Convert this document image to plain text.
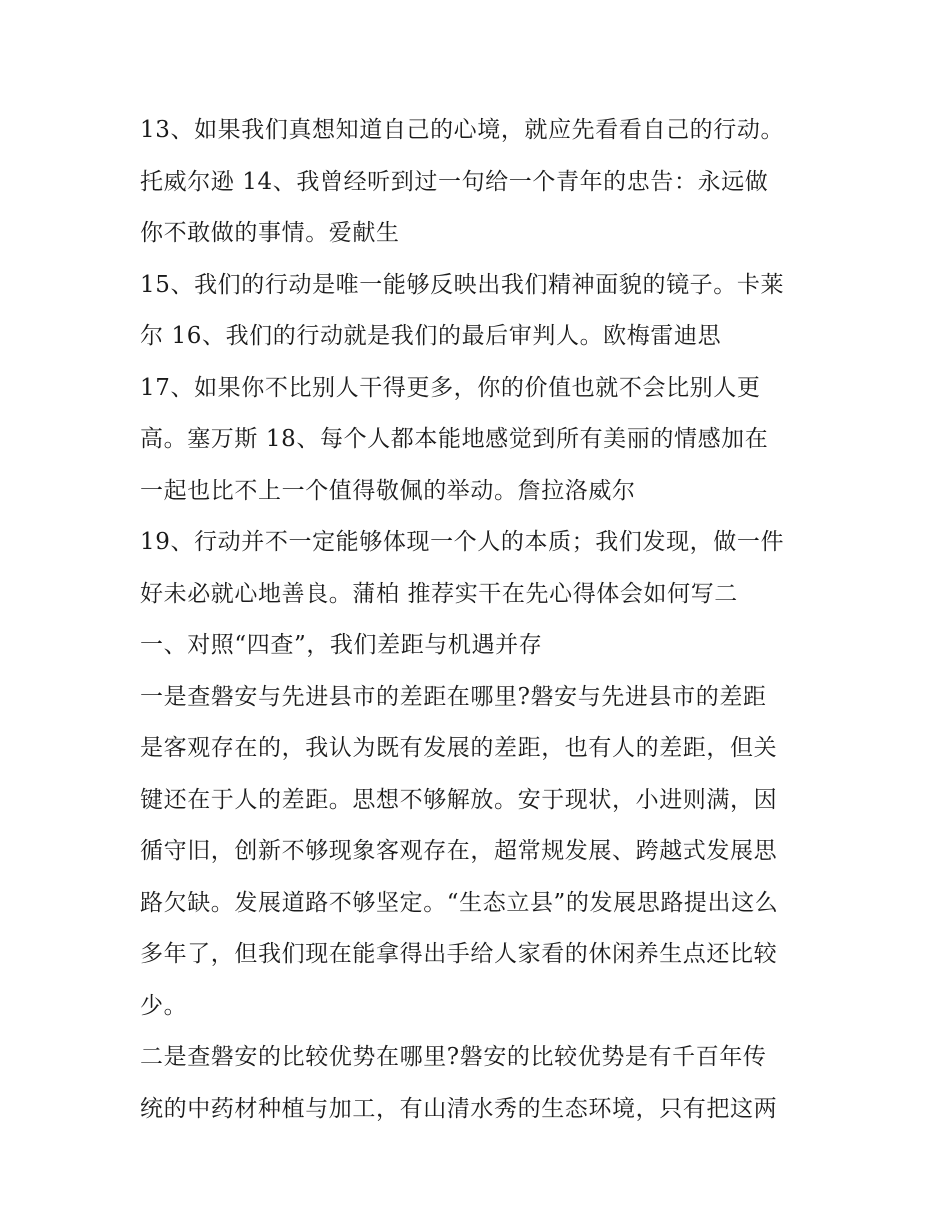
13、如果我们真想知道自己的心境，就应先看看自己的行动。
托威尔逊 14、我曾经听到过一句给一个青年的忠告：永远做
你不敢做的事情。爱献生
15、我们的行动是唯一能够反映出我们精神面貌的镜子。卡莱
尔 16、我们的行动就是我们的最后审判人。欧梅雷迪思
17、如果你不比别人干得更多，你的价值也就不会比别人更
高。塞万斯 18、每个人都本能地感觉到所有美丽的情感加在
一起也比不上一个值得敬佩的举动。詹拉洛威尔
19、行动并不一定能够体现一个人的本质；我们发现，做一件
好未必就心地善良。蒲柏 推荐实干在先心得体会如何写二
一、对照“四查”，我们差距与机遇并存
一是查磐安与先进县市的差距在哪里?磐安与先进县市的差距
是客观存在的，我认为既有发展的差距，也有人的差距，但关
键还在于人的差距。思想不够解放。安于现状，小进则满，因
循守旧，创新不够现象客观存在，超常规发展、跨越式发展思
路欠缺。发展道路不够坚定。“生态立县”的发展思路提出这么
多年了，但我们现在能拿得出手给人家看的休闲养生点还比较
少。
二是查磐安的比较优势在哪里?磐安的比较优势是有千百年传
统的中药材种植与加工，有山清水秀的生态环境，只有把这两
